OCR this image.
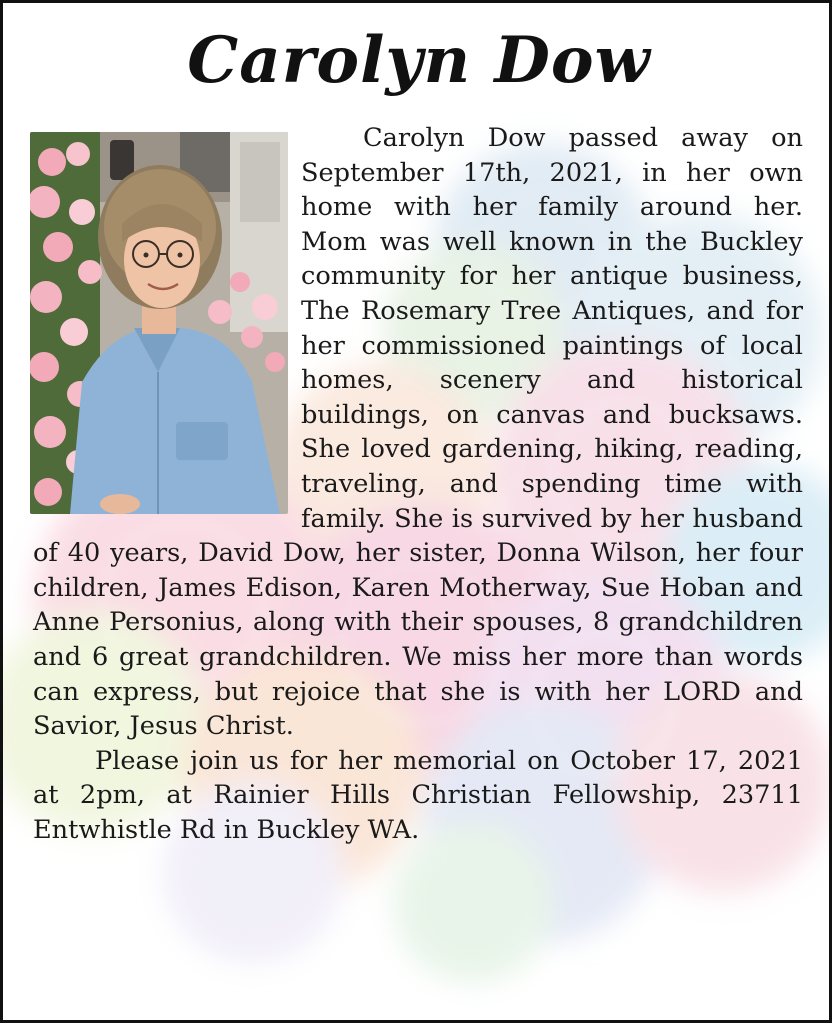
Carolyn Dow

Carolyn Dow passed away on September 17th, 2021, in her own home with her family around her. Mom was well known in the Buckley community for her antique business, The Rosemary Tree Antiques, and for her commissioned paintings of local homes, scenery and historical buildings, on canvas and bucksaws. She loved gardening, hiking, reading, traveling, and spending time with family. She is survived by her husband of 40 years, David Dow, her sister, Donna Wilson, her four children, James Edison, Karen Motherway, Sue Hoban and Anne Personius, along with their spouses, 8 grandchildren and 6 great grandchildren. We miss her more than words can express, but rejoice that she is with her LORD and Savior, Jesus Christ.

Please join us for her memorial on October 17, 2021 at 2pm, at Rainier Hills Christian Fellowship, 23711 Entwhistle Rd in Buckley WA.
